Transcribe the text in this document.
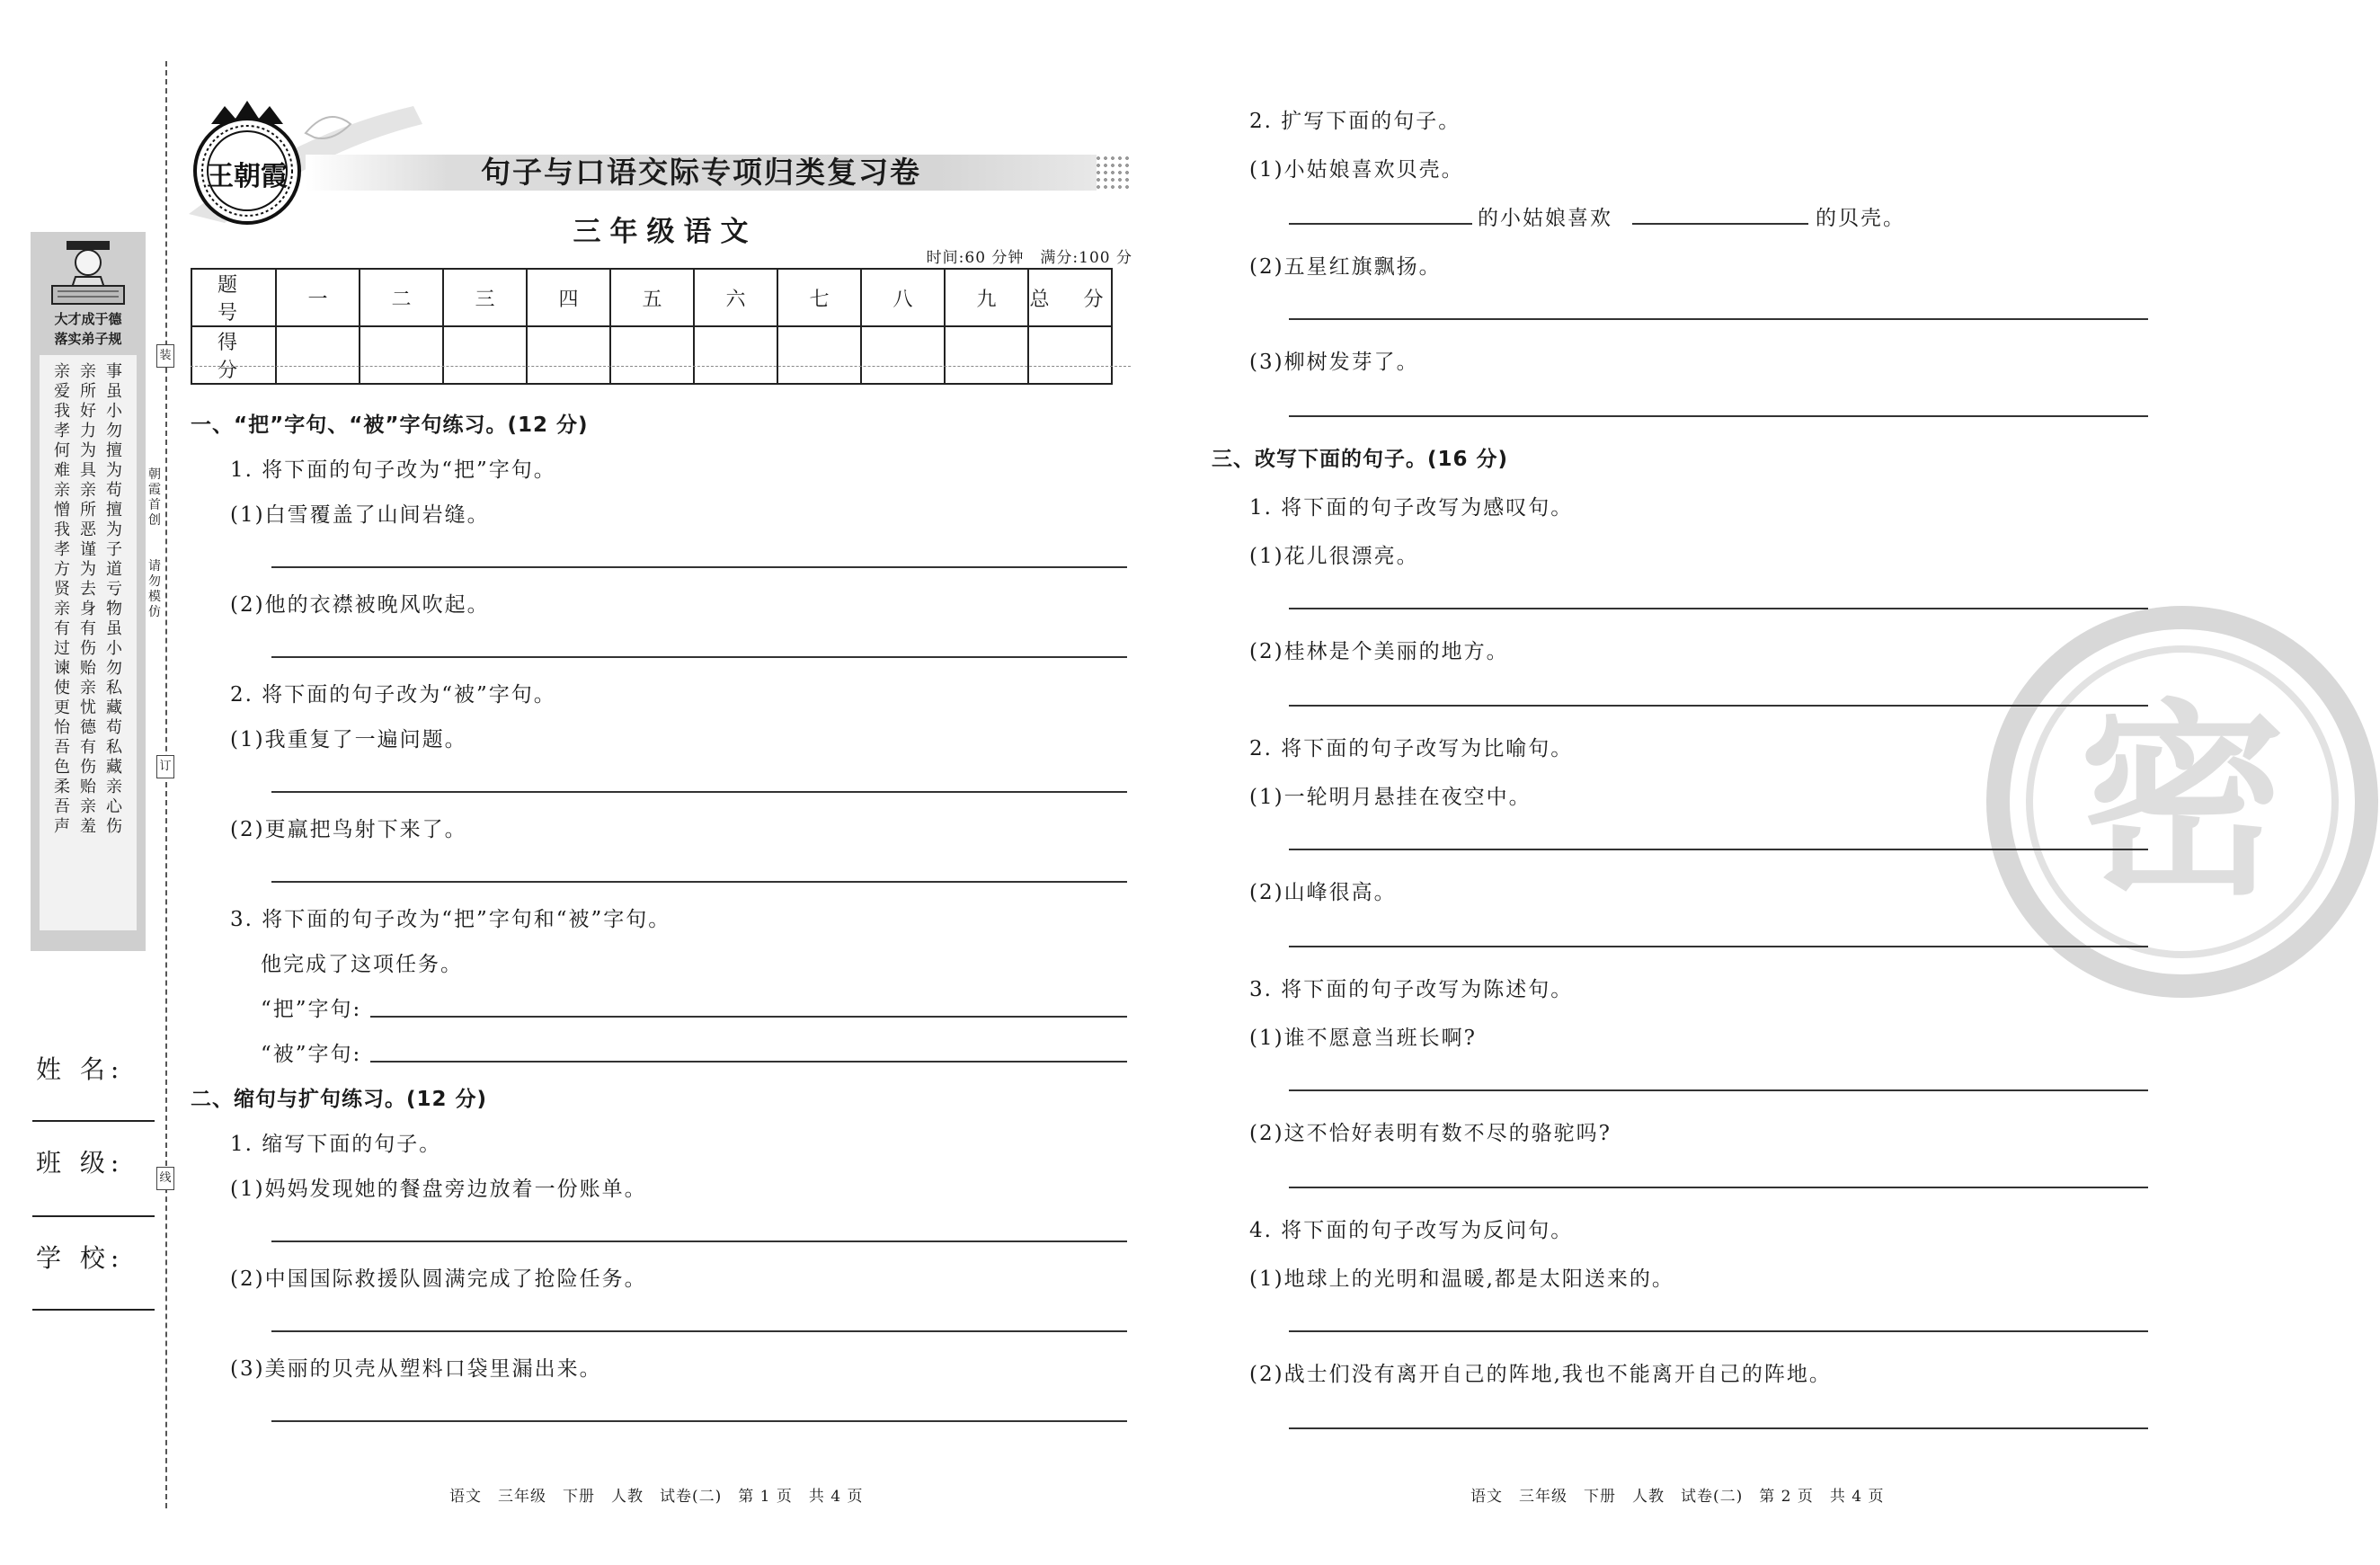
大才成于德
落实弟子规
亲爱我孝何难亲憎我孝方贤亲有过谏使更怡吾色柔吾声
亲所好力为具亲所恶谨为去身有伤贻亲忧德有伤贻亲羞
事虽小勿擅为苟擅为子道亏物虽小勿私藏苟私藏亲心伤
姓 名:
班 级:
学 校:
装
订
线
朝霞首创
请勿模仿
王朝霞	句子与口语交际专项归类复习卷
三年级语文
时间:60 分钟　满分:100 分
题　号	一	二	三	四	五	六	七	八	九	总　分
得　分										
一、“把”字句、“被”字句练习。(12 分)
1. 将下面的句子改为“把”字句。
(1)白雪覆盖了山间岩缝。
(2)他的衣襟被晚风吹起。
2. 将下面的句子改为“被”字句。
(1)我重复了一遍问题。
(2)更羸把鸟射下来了。
3. 将下面的句子改为“把”字句和“被”字句。
他完成了这项任务。
“把”字句:
“被”字句:
二、缩句与扩句练习。(12 分)
1. 缩写下面的句子。
(1)妈妈发现她的餐盘旁边放着一份账单。
(2)中国国际救援队圆满完成了抢险任务。
(3)美丽的贝壳从塑料口袋里漏出来。
语文　三年级　下册　人教　试卷(二)　第 1 页　共 4 页
密
2. 扩写下面的句子。
(1)小姑娘喜欢贝壳。
的小姑娘喜欢	的贝壳。
(2)五星红旗飘扬。
(3)柳树发芽了。
三、改写下面的句子。(16 分)
1. 将下面的句子改写为感叹句。
(1)花儿很漂亮。
(2)桂林是个美丽的地方。
2. 将下面的句子改写为比喻句。
(1)一轮明月悬挂在夜空中。
(2)山峰很高。
3. 将下面的句子改写为陈述句。
(1)谁不愿意当班长啊?
(2)这不恰好表明有数不尽的骆驼吗?
4. 将下面的句子改写为反问句。
(1)地球上的光明和温暖,都是太阳送来的。
(2)战士们没有离开自己的阵地,我也不能离开自己的阵地。
语文　三年级　下册　人教　试卷(二)　第 2 页　共 4 页
